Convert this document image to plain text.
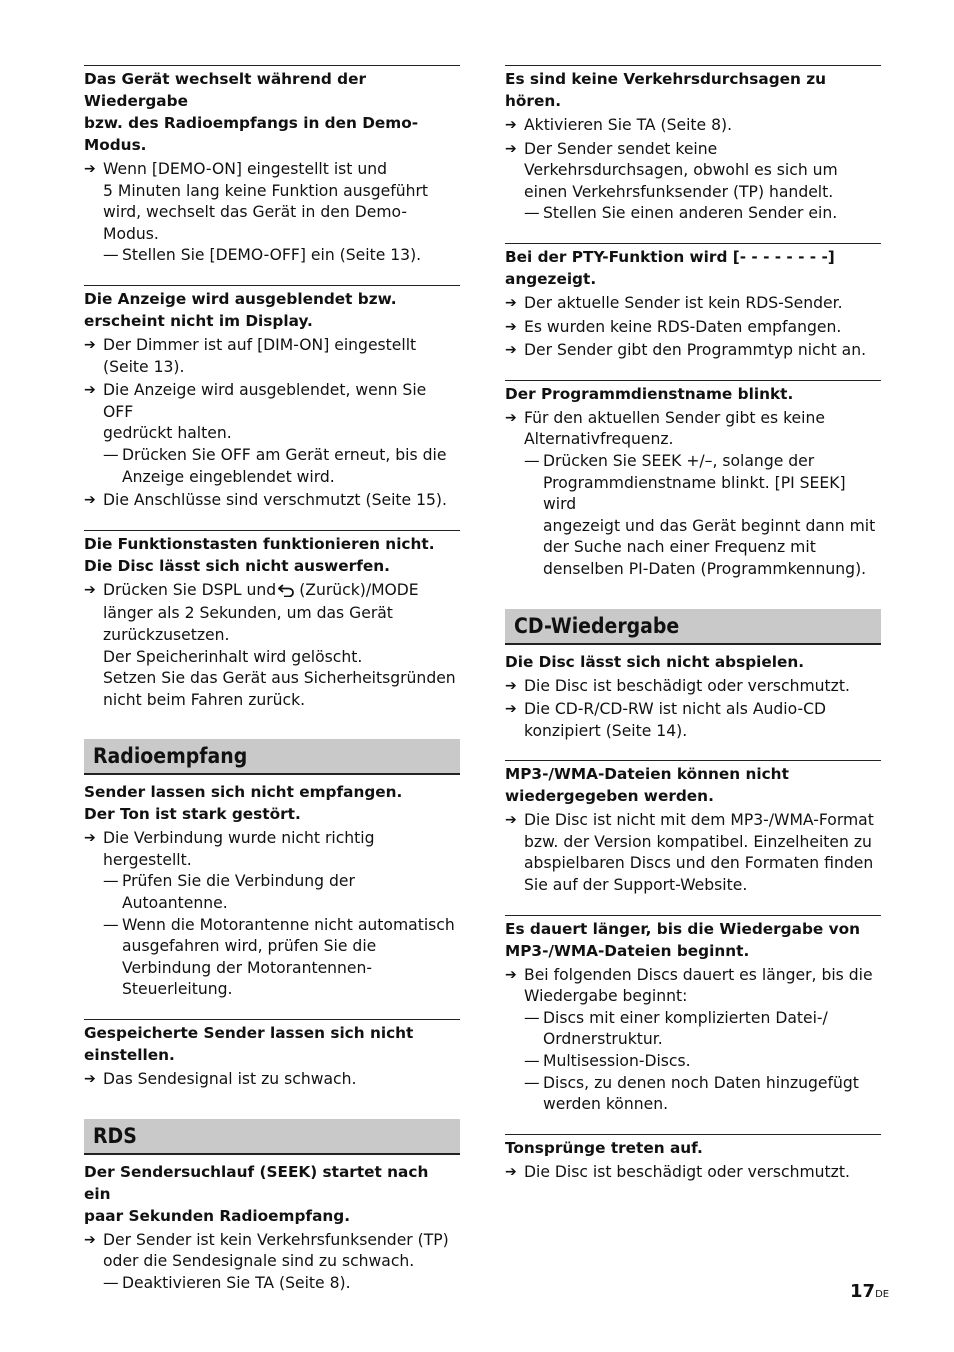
Das Gerät wechselt während der Wiedergabe
bzw. des Radioempfangs in den Demo-
Modus.

➔ Wenn [DEMO-ON] eingestellt ist und
5 Minuten lang keine Funktion ausgeführt
wird, wechselt das Gerät in den Demo-
Modus.
— Stellen Sie [DEMO-OFF] ein (Seite 13).

Die Anzeige wird ausgeblendet bzw.
erscheint nicht im Display.

➔ Der Dimmer ist auf [DIM-ON] eingestellt
(Seite 13).
➔ Die Anzeige wird ausgeblendet, wenn Sie OFF
gedrückt halten.
— Drücken Sie OFF am Gerät erneut, bis die
Anzeige eingeblendet wird.
➔ Die Anschlüsse sind verschmutzt (Seite 15).

Die Funktionstasten funktionieren nicht.
Die Disc lässt sich nicht auswerfen.

➔ Drücken Sie DSPL und (Zurück)/MODE
länger als 2 Sekunden, um das Gerät
zurückzusetzen.
Der Speicherinhalt wird gelöscht.
Setzen Sie das Gerät aus Sicherheitsgründen
nicht beim Fahren zurück.
Radioempfang

Sender lassen sich nicht empfangen.
Der Ton ist stark gestört.

➔ Die Verbindung wurde nicht richtig
hergestellt.
— Prüfen Sie die Verbindung der
Autoantenne.
— Wenn die Motorantenne nicht automatisch
ausgefahren wird, prüfen Sie die
Verbindung der Motorantennen-
Steuerleitung.

Gespeicherte Sender lassen sich nicht
einstellen.

➔ Das Sendesignal ist zu schwach.
RDS

Der Sendersuchlauf (SEEK) startet nach ein
paar Sekunden Radioempfang.

➔ Der Sender ist kein Verkehrsfunksender (TP)
oder die Sendesignale sind zu schwach.
— Deaktivieren Sie TA (Seite 8).

Es sind keine Verkehrsdurchsagen zu hören.

➔ Aktivieren Sie TA (Seite 8).
➔ Der Sender sendet keine
Verkehrsdurchsagen, obwohl es sich um
einen Verkehrsfunksender (TP) handelt.
— Stellen Sie einen anderen Sender ein.

Bei der PTY-Funktion wird [- - - - - - - -]
angezeigt.

➔ Der aktuelle Sender ist kein RDS-Sender.
➔ Es wurden keine RDS-Daten empfangen.
➔ Der Sender gibt den Programmtyp nicht an.

Der Programmdienstname blinkt.

➔ Für den aktuellen Sender gibt es keine
Alternativfrequenz.
— Drücken Sie SEEK +/–, solange der
Programmdienstname blinkt. [PI SEEK] wird
angezeigt und das Gerät beginnt dann mit
der Suche nach einer Frequenz mit
denselben PI-Daten (Programmkennung).
CD-Wiedergabe

Die Disc lässt sich nicht abspielen.

➔ Die Disc ist beschädigt oder verschmutzt.
➔ Die CD-R/CD-RW ist nicht als Audio-CD
konzipiert (Seite 14).

MP3-/WMA-Dateien können nicht
wiedergegeben werden.

➔ Die Disc ist nicht mit dem MP3-/WMA-Format
bzw. der Version kompatibel. Einzelheiten zu
abspielbaren Discs und den Formaten finden
Sie auf der Support-Website.

Es dauert länger, bis die Wiedergabe von
MP3-/WMA-Dateien beginnt.

➔ Bei folgenden Discs dauert es länger, bis die
Wiedergabe beginnt:
— Discs mit einer komplizierten Datei-/
Ordnerstruktur.
— Multisession-Discs.
— Discs, zu denen noch Daten hinzugefügt
werden können.

Tonsprünge treten auf.

➔ Die Disc ist beschädigt oder verschmutzt.
17DE
